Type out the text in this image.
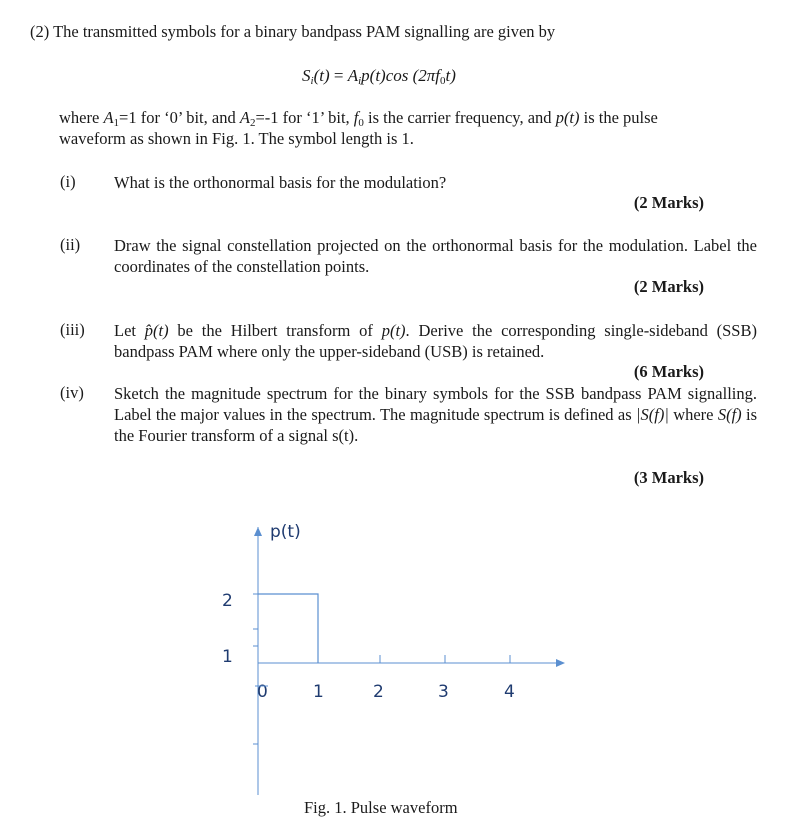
(2) The transmitted symbols for a binary bandpass PAM signalling are given by
$S_i(t) = A_ip(t)\cos$ $(2\pi f_0t)$
where $A_1=1$ for ‘0’ bit, and $A_2=-1$ for ‘1’ bit, $f_0$ is the carrier frequency, and p(t) is the pulse
waveform as shown in Fig. 1. The symbol length is 1.
(i) What is the orthonormal basis for the modulation?
(2 Marks)
(ii) Draw the signal constellation projected on the orthonormal basis for the modulation. Label the coordinates of the constellation points.
(2 Marks)
(iii) Let p̂(t) be the Hilbert transform of p(t). Derive the corresponding single-sideband (SSB) bandpass PAM where only the upper-sideband (USB) is retained.
(6 Marks)
(iv) Sketch the magnitude spectrum for the binary symbols for the SSB bandpass PAM signalling. Label the major values in the spectrum. The magnitude spectrum is defined as |S(f)| where S(f) is the Fourier transform of a signal s(t).
(3 Marks)
p(t)
2
1
0	1	2	3	4
Fig. 1. Pulse waveform
